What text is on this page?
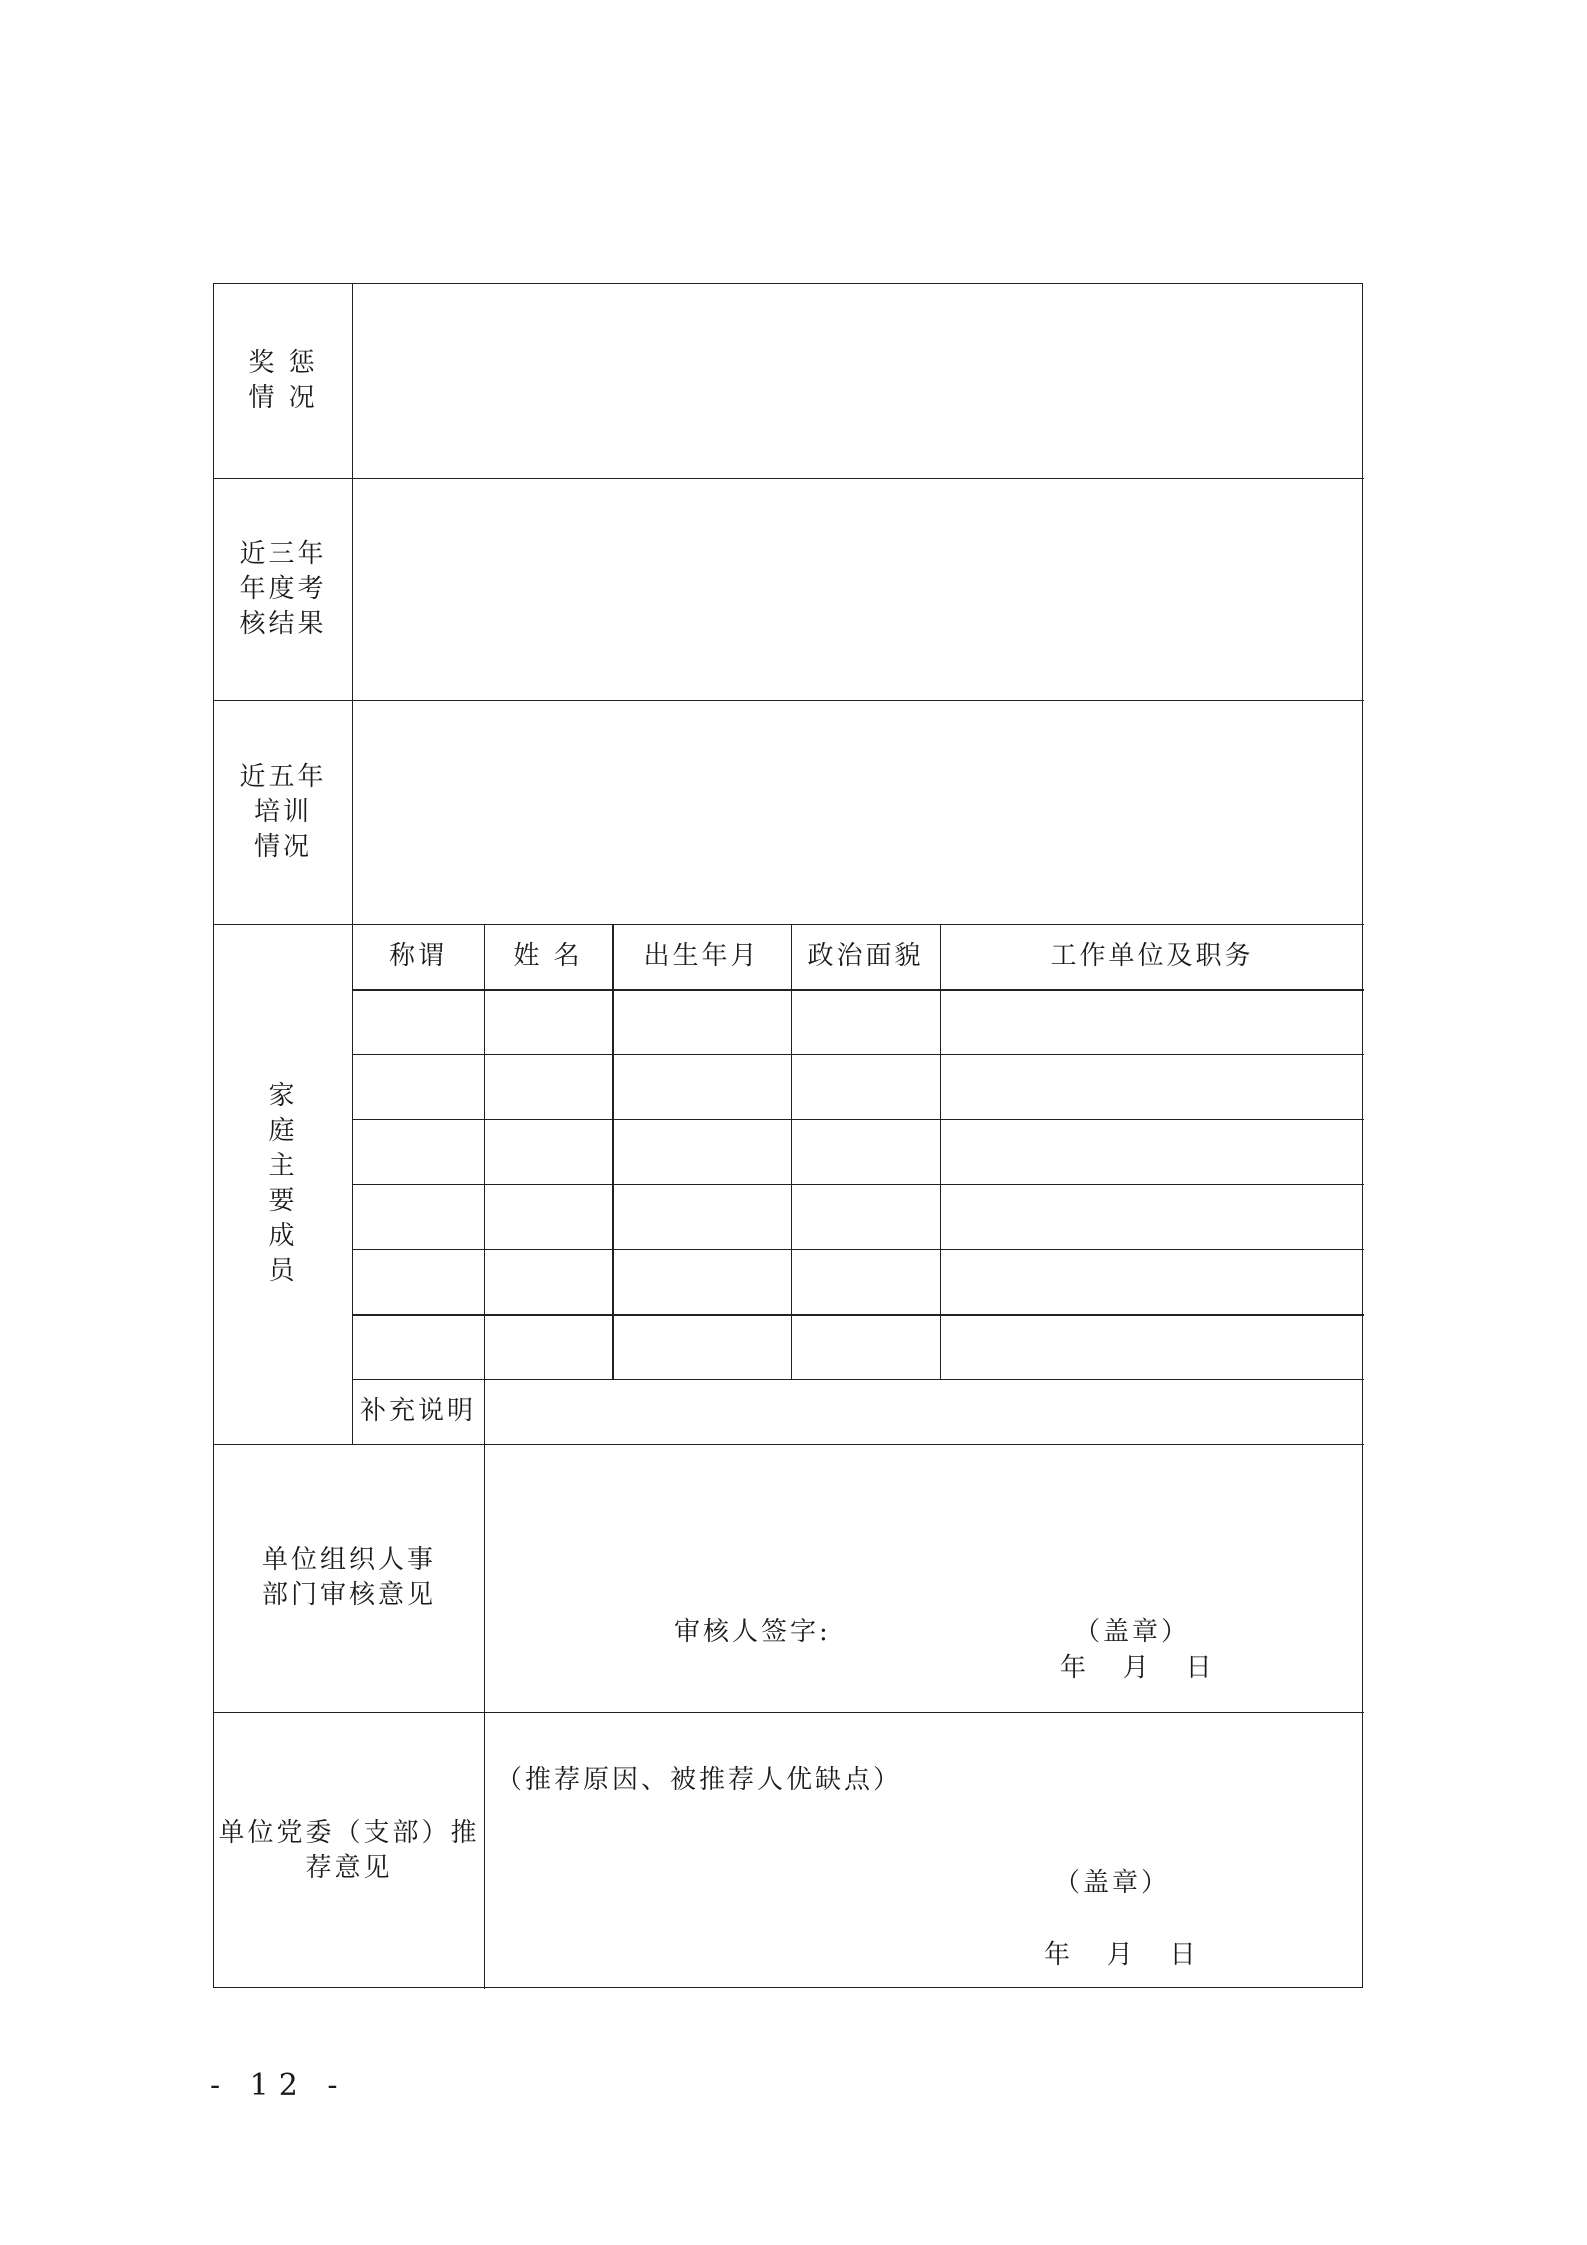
奖 惩
情 况
近三年
年度考
核结果
近五年
培训
情况
家
庭
主
要
成
员
称谓	姓 名	出生年月	政治面貌	工作单位及职务
补充说明
单位组织人事
部门审核意见
审核人签字:	（盖章）
年   月   日
单位党委（支部）推
荐意见
（推荐原因、被推荐人优缺点）
（盖章）
年   月   日
- 12 -
